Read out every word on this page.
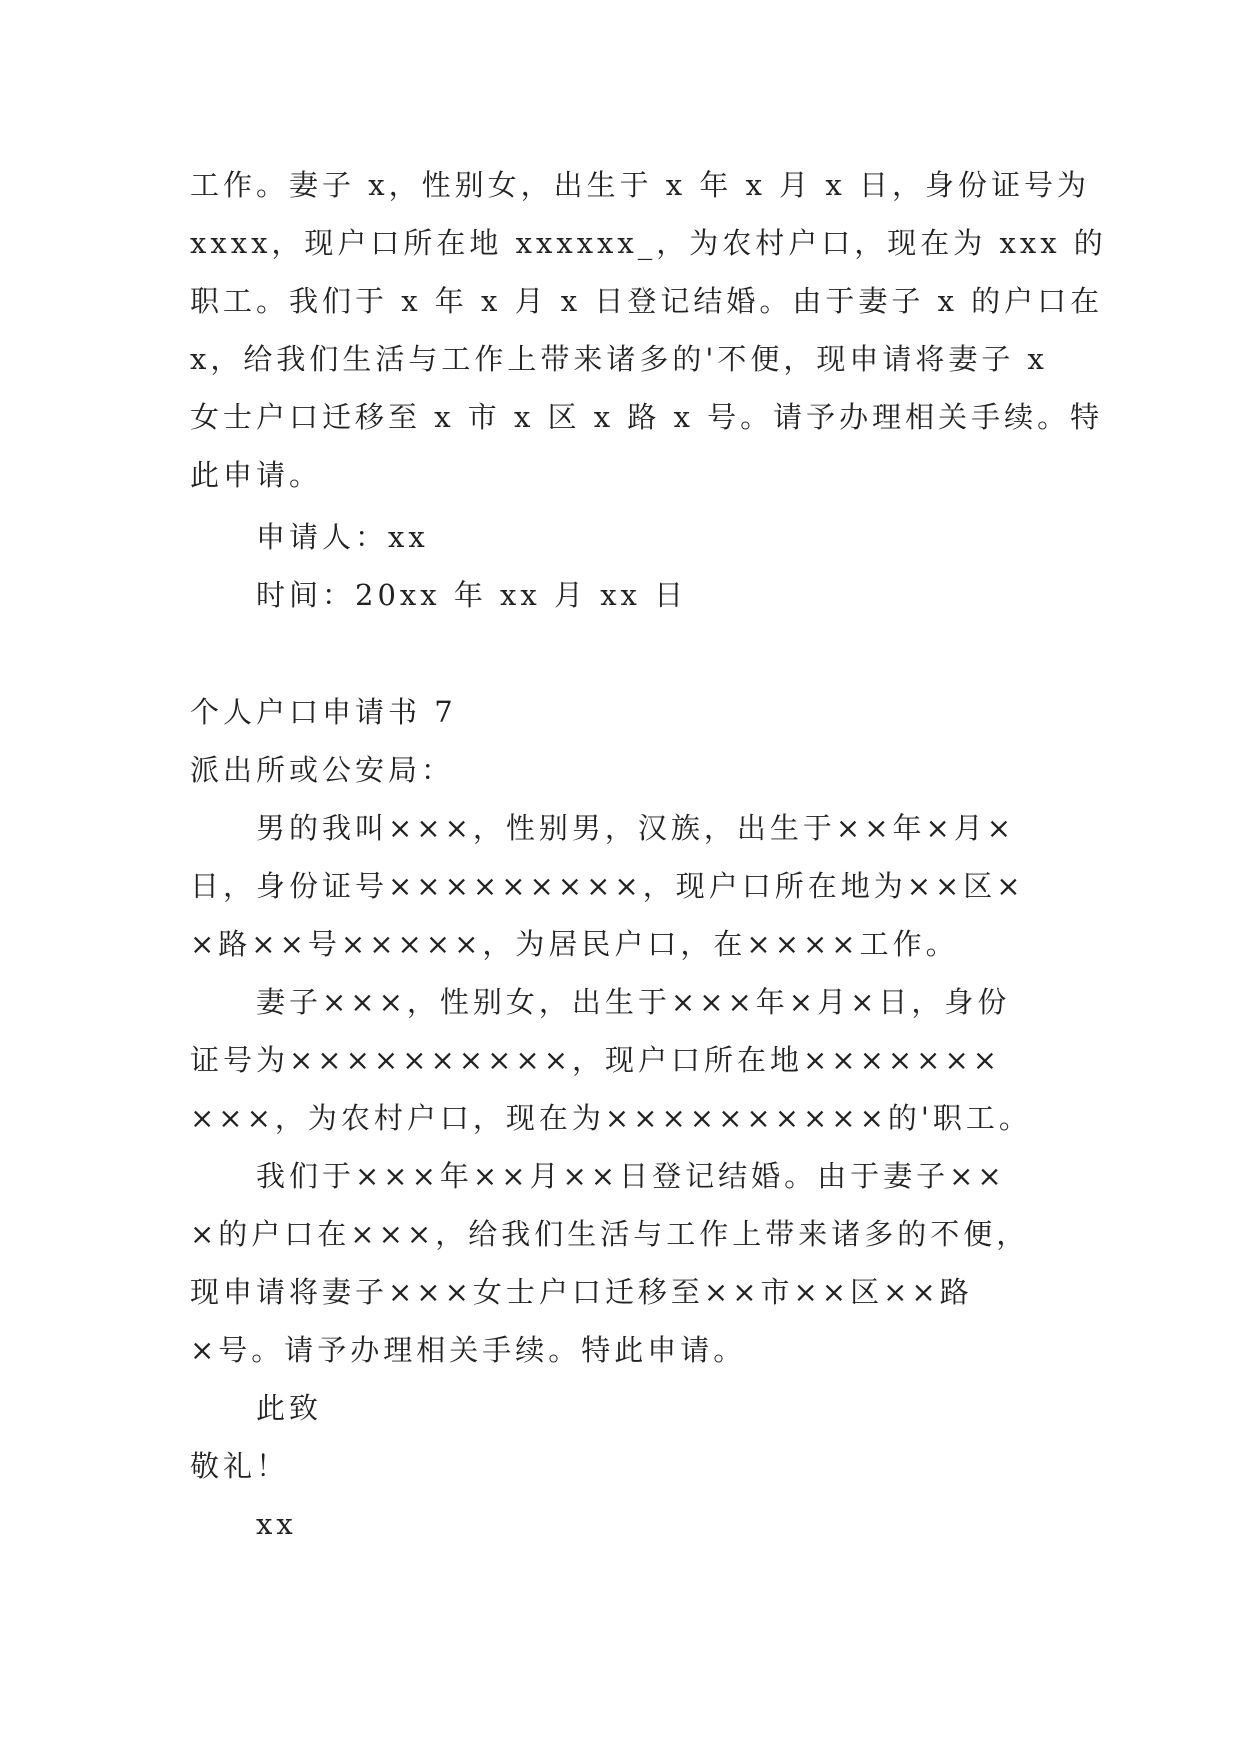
工作。妻子 x，性别女，出生于 x 年 x 月 x 日，身份证号为
xxxx，现户口所在地 xxxxxx_，为农村户口，现在为 xxx 的
职工。我们于 x 年 x 月 x 日登记结婚。由于妻子 x 的户口在
x，给我们生活与工作上带来诸多的'不便，现申请将妻子 x
女士户口迁移至 x 市 x 区 x 路 x 号。请予办理相关手续。特
此申请。
申请人：xx
时间：20xx 年 xx 月 xx 日
个人户口申请书 7
派出所或公安局：
男的我叫×××，性别男，汉族，出生于××年×月×
日，身份证号×××××××××，现户口所在地为××区×
×路××号×××××，为居民户口，在××××工作。
妻子×××，性别女，出生于×××年×月×日，身份
证号为××××××××××，现户口所在地×××××××
×××，为农村户口，现在为××××××××××的'职工。
我们于×××年××月××日登记结婚。由于妻子××
×的户口在×××，给我们生活与工作上带来诸多的不便，
现申请将妻子×××女士户口迁移至××市××区××路
×号。请予办理相关手续。特此申请。
此致
敬礼！
xx
